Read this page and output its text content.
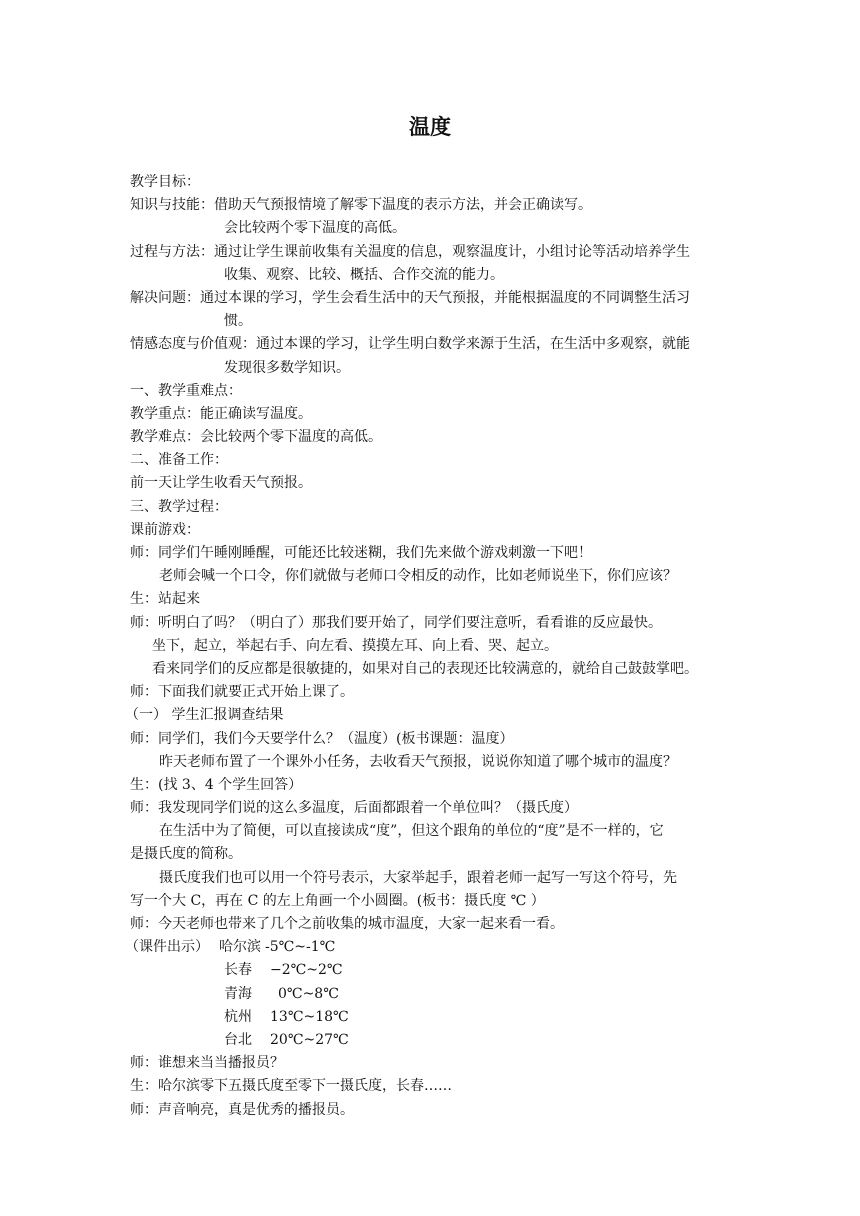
温度
教学目标：
知识与技能：借助天气预报情境了解零下温度的表示方法，并会正确读写。
会比较两个零下温度的高低。
过程与方法：通过让学生课前收集有关温度的信息，观察温度计，小组讨论等活动培养学生
收集、观察、比较、概括、合作交流的能力。
解决问题：通过本课的学习，学生会看生活中的天气预报，并能根据温度的不同调整生活习
惯。
情感态度与价值观：通过本课的学习，让学生明白数学来源于生活，在生活中多观察，就能
发现很多数学知识。
一、教学重难点：
教学重点：能正确读写温度。
教学难点：会比较两个零下温度的高低。
二、准备工作：
前一天让学生收看天气预报。
三、教学过程：
课前游戏：
师：同学们午睡刚睡醒，可能还比较迷糊，我们先来做个游戏刺激一下吧！
老师会喊一个口令，你们就做与老师口令相反的动作，比如老师说坐下，你们应该？
生：站起来
师：听明白了吗？（明白了）那我们要开始了，同学们要注意听，看看谁的反应最快。
坐下，起立，举起右手、向左看、摸摸左耳、向上看、哭、起立。
看来同学们的反应都是很敏捷的，如果对自己的表现还比较满意的，就给自己鼓鼓掌吧。
师：下面我们就要正式开始上课了。
（一） 学生汇报调查结果
师：同学们，我们今天要学什么？（温度）(板书课题：温度）
昨天老师布置了一个课外小任务，去收看天气预报，说说你知道了哪个城市的温度？
生：(找 3、4 个学生回答）
师：我发现同学们说的这么多温度，后面都跟着一个单位叫？（摄氏度）
在生活中为了简便，可以直接读成“度”，但这个跟角的单位的“度”是不一样的，它
是摄氏度的简称。
摄氏度我们也可以用一个符号表示，大家举起手，跟着老师一起写一写这个符号，先
写一个大 C，再在 C 的左上角画一个小圆圈。(板书：摄氏度 ℃ ）
师：今天老师也带来了几个之前收集的城市温度，大家一起来看一看。
（课件出示） 哈尔滨 -5℃~-1℃
长春	−2℃~2℃
青海	0℃~8℃
杭州	13℃~18℃
台北	20℃~27℃
师：谁想来当当播报员？
生：哈尔滨零下五摄氏度至零下一摄氏度，长春……
师：声音响亮，真是优秀的播报员。
